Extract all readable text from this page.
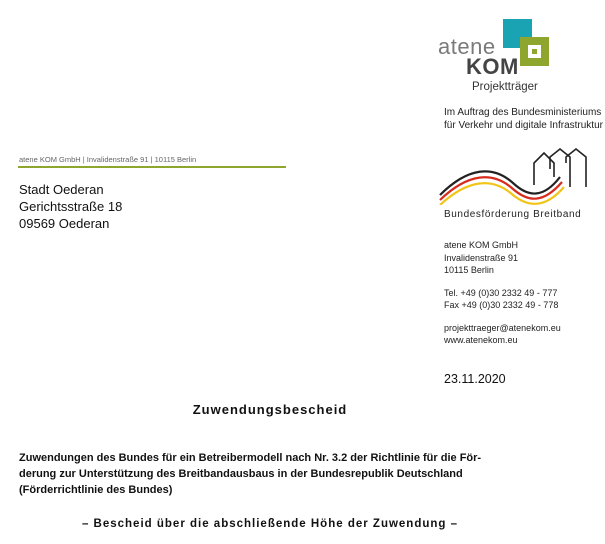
atene
KOM
Projektträger
Im Auftrag des Bundesministeriums
für Verkehr und digitale Infrastruktur
atene KOM GmbH | Invalidenstraße 91 | 10115 Berlin
Stadt Oederan
Gerichtsstraße 18
09569 Oederan
Bundesförderung Breitband
atene KOM GmbH
Invalidenstraße 91
10115 Berlin
Tel. +49 (0)30 2332 49 - 777
Fax +49 (0)30 2332 49 - 778
projekttraeger@atenekom.eu
www.atenekom.eu
23.11.2020
Zuwendungsbescheid
Zuwendungen des Bundes für ein Betreibermodell nach Nr. 3.2 der Richtlinie für die För-
derung zur Unterstützung des Breitbandausbaus in der Bundesrepublik Deutschland
(Förderrichtlinie des Bundes)
– Bescheid über die abschließende Höhe der Zuwendung –
